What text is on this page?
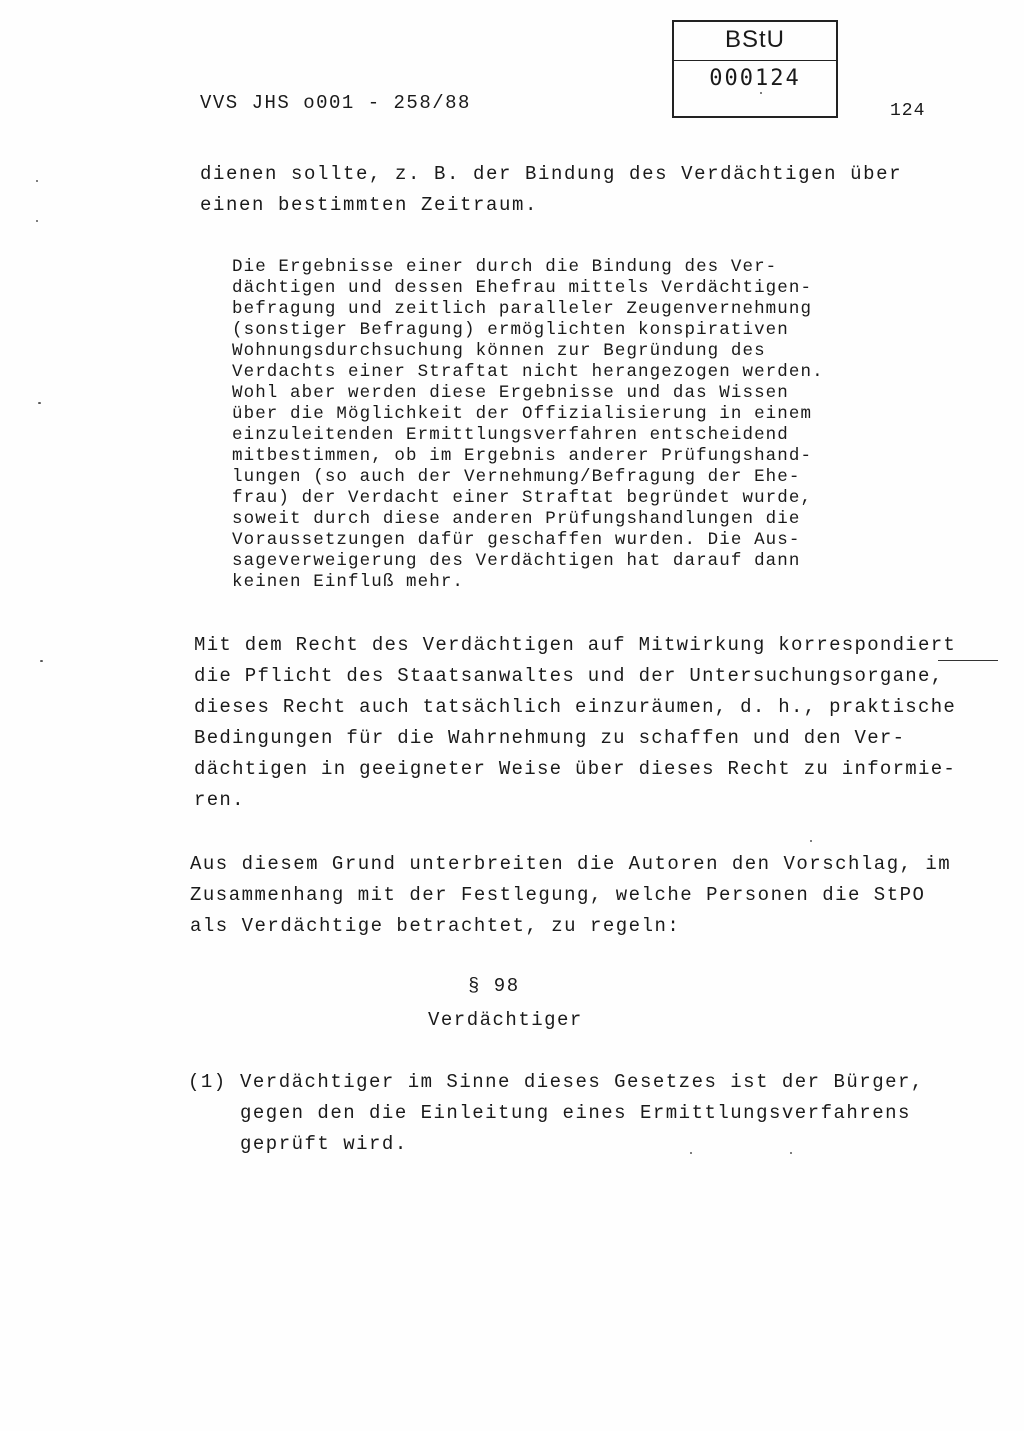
VVS JHS o001 - 258/88
BStU
000124
124
dienen sollte, z. B. der Bindung des Verdächtigen über
einen bestimmten Zeitraum.
Die Ergebnisse einer durch die Bindung des Ver-
dächtigen und dessen Ehefrau mittels Verdächtigen-
befragung und zeitlich paralleler Zeugenvernehmung
(sonstiger Befragung) ermöglichten konspirativen
Wohnungsdurchsuchung können zur Begründung des
Verdachts einer Straftat nicht herangezogen werden.
Wohl aber werden diese Ergebnisse und das Wissen
über die Möglichkeit der Offizialisierung in einem
einzuleitenden Ermittlungsverfahren entscheidend
mitbestimmen, ob im Ergebnis anderer Prüfungshand-
lungen (so auch der Vernehmung/Befragung der Ehe-
frau) der Verdacht einer Straftat begründet wurde,
soweit durch diese anderen Prüfungshandlungen die
Voraussetzungen dafür geschaffen wurden. Die Aus-
sageverweigerung des Verdächtigen hat darauf dann
keinen Einfluß mehr.
Mit dem Recht des Verdächtigen auf Mitwirkung korrespondiert
die Pflicht des Staatsanwaltes und der Untersuchungsorgane,
dieses Recht auch tatsächlich einzuräumen, d. h., praktische
Bedingungen für die Wahrnehmung zu schaffen und den Ver-
dächtigen in geeigneter Weise über dieses Recht zu informie-
ren.
Aus diesem Grund unterbreiten die Autoren den Vorschlag, im
Zusammenhang mit der Festlegung, welche Personen die StPO
als Verdächtige betrachtet, zu regeln:
§ 98
Verdächtiger
(1) Verdächtiger im Sinne dieses Gesetzes ist der Bürger,
gegen den die Einleitung eines Ermittlungsverfahrens
geprüft wird.
